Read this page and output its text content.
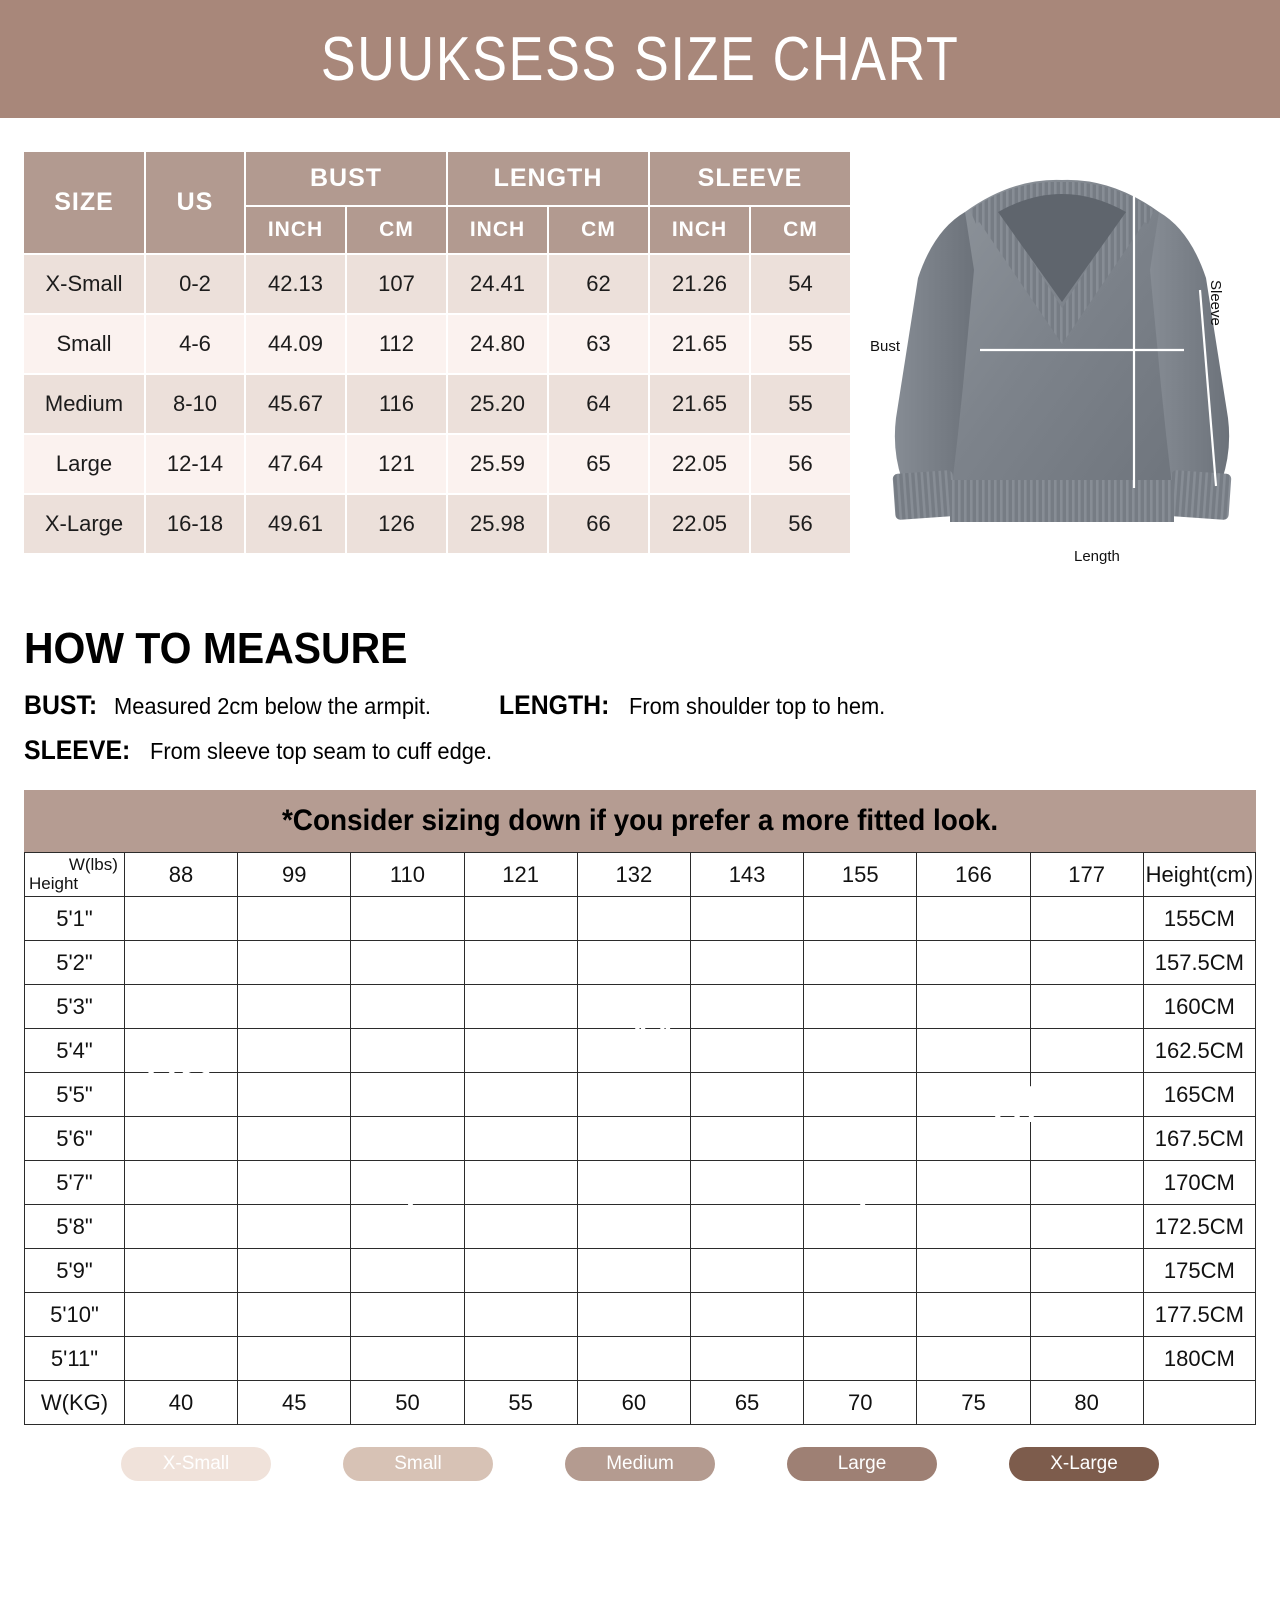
SUUKSESS SIZE CHART
SIZE	US	BUST		LENGTH		SLEEVE	
		INCH	CM	INCH	CM	INCH	CM
X-Small	0-2	42.13	107	24.41	62	21.26	54
Small	4-6	44.09	112	24.80	63	21.65	55
Medium	8-10	45.67	116	25.20	64	21.65	55
Large	12-14	47.64	121	25.59	65	22.05	56
X-Large	16-18	49.61	126	25.98	66	22.05	56
Bust
Length
Sleeve
HOW TO MEASURE
BUST: Measured 2cm below the armpit.	LENGTH: From shoulder top to hem.
SLEEVE: From sleeve top seam to cuff edge.
*Consider sizing down if you prefer a more fitted look.
W(lbs)
Height	88	99	110	121	132	143	155	166	177	Height(cm)
5'1"										155CM
5'2"										157.5CM
5'3"										160CM
5'4"										162.5CM
5'5"										165CM
5'6"										167.5CM
5'7"										170CM
5'8"										172.5CM
5'9"										175CM
5'10"										177.5CM
5'11"										180CM
W(KG)	40	45	50	55	60	65	70	75	80	
XS
S
M
L
XL
X-Small	Small	Medium	Large	X-Large
